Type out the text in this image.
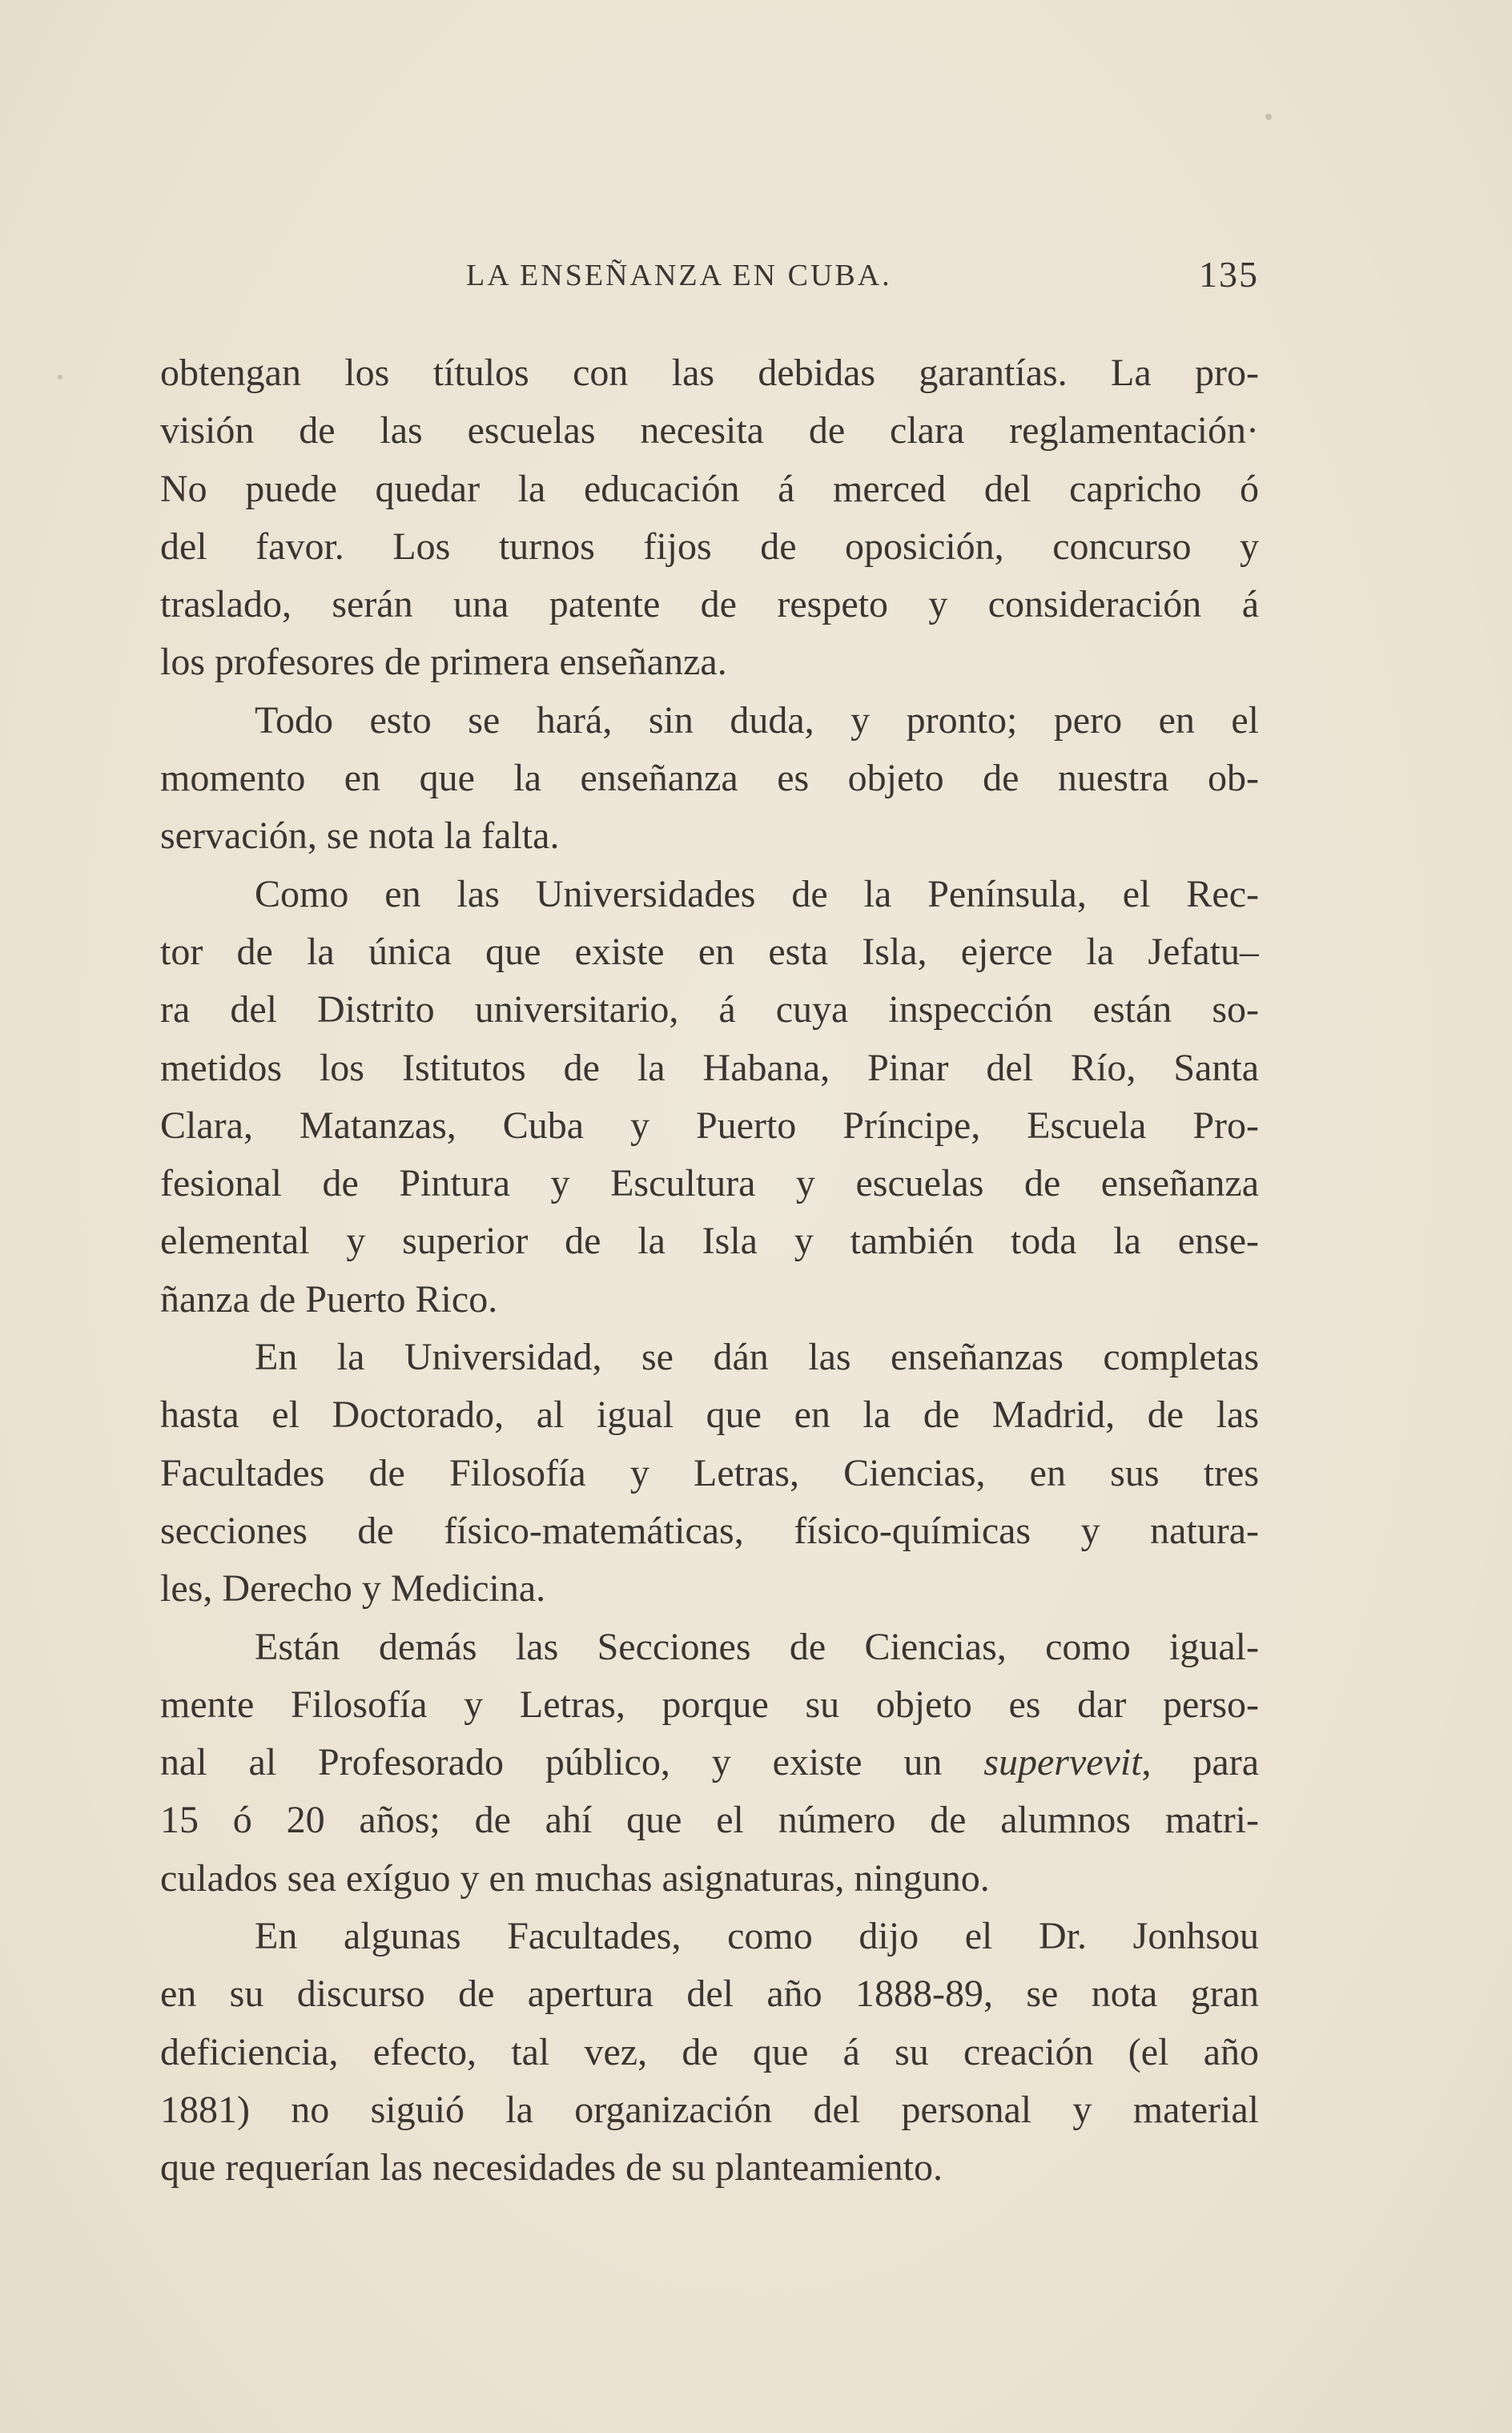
LA ENSEÑANZA EN CUBA.	135
obtengan los títulos con las debidas garantías. La pro-
visión de las escuelas necesita de clara reglamentación·
No puede quedar la educación á merced del capricho ó
del favor. Los turnos fijos de oposición, concurso y
traslado, serán una patente de respeto y consideración á
los profesores de primera enseñanza.
Todo esto se hará, sin duda, y pronto; pero en el
momento en que la enseñanza es objeto de nuestra ob-
servación, se nota la falta.
Como en las Universidades de la Península, el Rec-
tor de la única que existe en esta Isla, ejerce la Jefatu–
ra del Distrito universitario, á cuya inspección están so-
metidos los Istitutos de la Habana, Pinar del Río, Santa
Clara, Matanzas, Cuba y Puerto Príncipe, Escuela Pro-
fesional de Pintura y Escultura y escuelas de enseñanza
elemental y superior de la Isla y también toda la ense-
ñanza de Puerto Rico.
En la Universidad, se dán las enseñanzas completas
hasta el Doctorado, al igual que en la de Madrid, de las
Facultades de Filosofía y Letras, Ciencias, en sus tres
secciones de físico-matemáticas, físico-químicas y natura-
les, Derecho y Medicina.
Están demás las Secciones de Ciencias, como igual-
mente Filosofía y Letras, porque su objeto es dar perso-
nal al Profesorado público, y existe un supervevit, para
15 ó 20 años; de ahí que el número de alumnos matri-
culados sea exíguo y en muchas asignaturas, ninguno.
En algunas Facultades, como dijo el Dr. Jonhsou
en su discurso de apertura del año 1888-89, se nota gran
deficiencia, efecto, tal vez, de que á su creación (el año
1881) no siguió la organización del personal y material
que requerían las necesidades de su planteamiento.
